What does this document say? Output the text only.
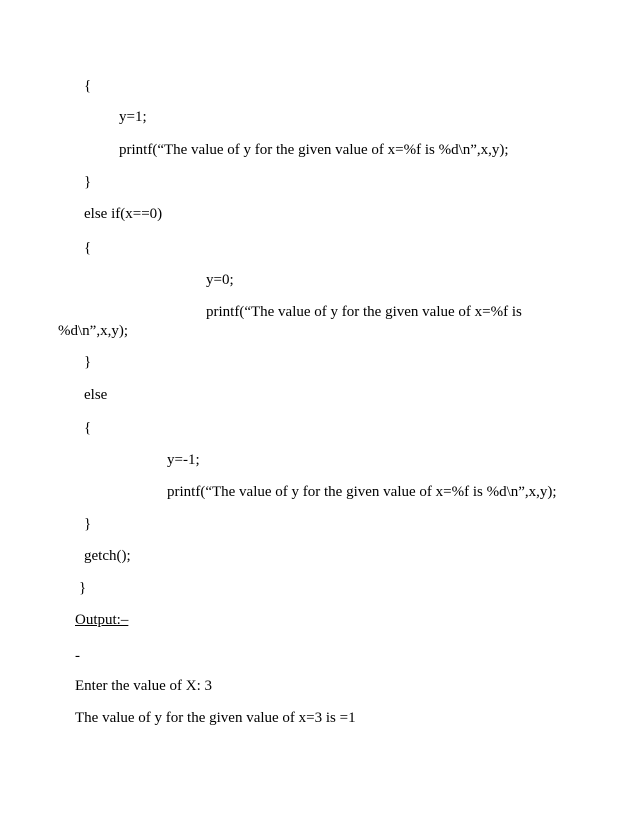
{
y=1;
printf(“The value of y for the given value of x=%f is %d\n”,x,y);
}
else if(x==0)
{
y=0;
printf(“The value of y for the given value of x=%f is
%d\n”,x,y);
}
else
{
y=-1;
printf(“The value of y for the given value of x=%f is %d\n”,x,y);
}
getch();
}
Output:–
-
Enter the value of X: 3
The value of y for the given value of x=3 is =1
